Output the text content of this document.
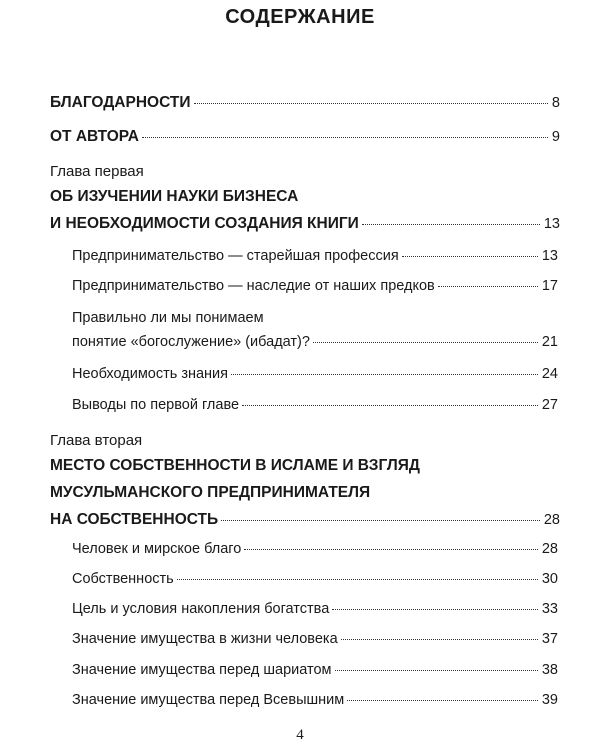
СОДЕРЖАНИЕ
БЛАГОДАРНОСТИ	8
ОТ АВТОРА	9
Глава первая
ОБ ИЗУЧЕНИИ НАУКИ БИЗНЕСА
И НЕОБХОДИМОСТИ СОЗДАНИЯ КНИГИ	13
Предпринимательство — старейшая профессия	13
Предпринимательство — наследие от наших предков	17
Правильно ли мы понимаем
понятие «богослужение» (ибадат)?	21
Необходимость знания	24
Выводы по первой главе	27
Глава вторая
МЕСТО СОБСТВЕННОСТИ В ИСЛАМЕ И ВЗГЛЯД
МУСУЛЬМАНСКОГО ПРЕДПРИНИМАТЕЛЯ
НА СОБСТВЕННОСТЬ	28
Человек и мирское благо	28
Собственность	30
Цель и условия накопления богатства	33
Значение имущества в жизни человека	37
Значение имущества перед шариатом	38
Значение имущества перед Всевышним	39
4
